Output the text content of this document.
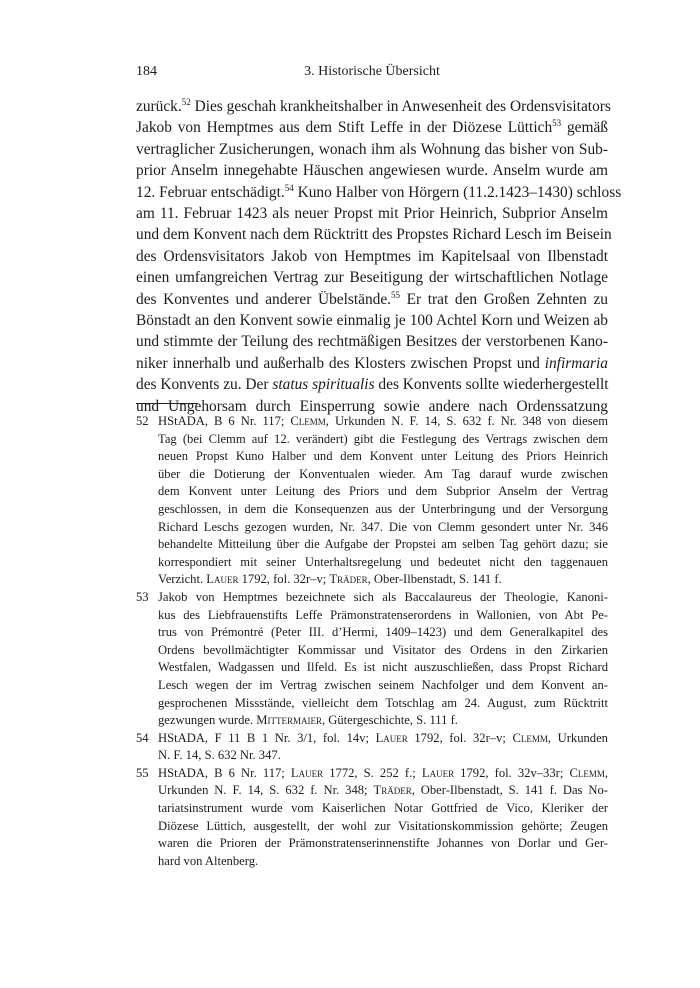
184	3. Historische Übersicht

zurück.$^{52}$ Dies geschah krankheitshalber in Anwesenheit des Ordensvisitators

Jakob von Hemptmes aus dem Stift Leffe in der Diözese Lüttich$^{53}$ gemäß

vertraglicher Zusicherungen, wonach ihm als Wohnung das bisher von Sub-

prior Anselm innegehabte Häuschen angewiesen wurde. Anselm wurde am

12. Februar entschädigt.$^{54}$ Kuno Halber von Hörgern (11.2.1423–1430) schloss

am 11. Februar 1423 als neuer Propst mit Prior Heinrich, Subprior Anselm

und dem Konvent nach dem Rücktritt des Propstes Richard Lesch im Beisein

des Ordensvisitators Jakob von Hemptmes im Kapitelsaal von Ilbenstadt

einen umfangreichen Vertrag zur Beseitigung der wirtschaftlichen Notlage

des Konventes und anderer Übelstände.$^{55}$ Er trat den Großen Zehnten zu

Bönstadt an den Konvent sowie einmalig je 100 Achtel Korn und Weizen ab

und stimmte der Teilung des rechtmäßigen Besitzes der verstorbenen Kano-

niker innerhalb und außerhalb des Klosters zwischen Propst und infirmaria

des Konvents zu. Der status spiritualis des Konvents sollte wiederhergestellt

und Ungehorsam durch Einsperrung sowie andere nach Ordenssatzung

52 HStADA, B 6 Nr. 117; Clemm, Urkunden N. F. 14, S. 632 f. Nr. 348 von diesem
Tag (bei Clemm auf 12. verändert) gibt die Festlegung des Vertrags zwischen dem
neuen Propst Kuno Halber und dem Konvent unter Leitung des Priors Heinrich
über die Dotierung der Konventualen wieder. Am Tag darauf wurde zwischen
dem Konvent unter Leitung des Priors und dem Subprior Anselm der Vertrag
geschlossen, in dem die Konsequenzen aus der Unterbringung und der Versorgung
Richard Leschs gezogen wurden, Nr. 347. Die von Clemm gesondert unter Nr. 346
behandelte Mitteilung über die Aufgabe der Propstei am selben Tag gehört dazu; sie
korrespondiert mit seiner Unterhaltsregelung und bedeutet nicht den taggenauen
Verzicht. Lauer 1792, fol. 32r–v; Träder, Ober-Ilbenstadt, S. 141 f.
53 Jakob von Hemptmes bezeichnete sich als Baccalaureus der Theologie, Kanoni-
kus des Liebfrauenstifts Leffe Prämonstratenserordens in Wallonien, von Abt Pe-
trus von Prémontré (Peter III. d’Hermi, 1409–1423) und dem Generalkapitel des
Ordens bevollmächtigter Kommissar und Visitator des Ordens in den Zirkarien
Westfalen, Wadgassen und Ilfeld. Es ist nicht auszuschließen, dass Propst Richard
Lesch wegen der im Vertrag zwischen seinem Nachfolger und dem Konvent an-
gesprochenen Missstände, vielleicht dem Totschlag am 24. August, zum Rücktritt
gezwungen wurde. Mittermaier, Gütergeschichte, S. 111 f.
54 HStADA, F 11 B 1 Nr. 3/1, fol. 14v; Lauer 1792, fol. 32r–v; Clemm, Urkunden
N. F. 14, S. 632 Nr. 347.
55 HStADA, B 6 Nr. 117; Lauer 1772, S. 252 f.; Lauer 1792, fol. 32v–33r; Clemm,
Urkunden N. F. 14, S. 632 f. Nr. 348; Träder, Ober-Ilbenstadt, S. 141 f. Das No-
tariatsinstrument wurde vom Kaiserlichen Notar Gottfried de Vico, Kleriker der
Diözese Lüttich, ausgestellt, der wohl zur Visitationskommission gehörte; Zeugen
waren die Prioren der Prämonstratenserinnenstifte Johannes von Dorlar und Ger-
hard von Altenberg.
